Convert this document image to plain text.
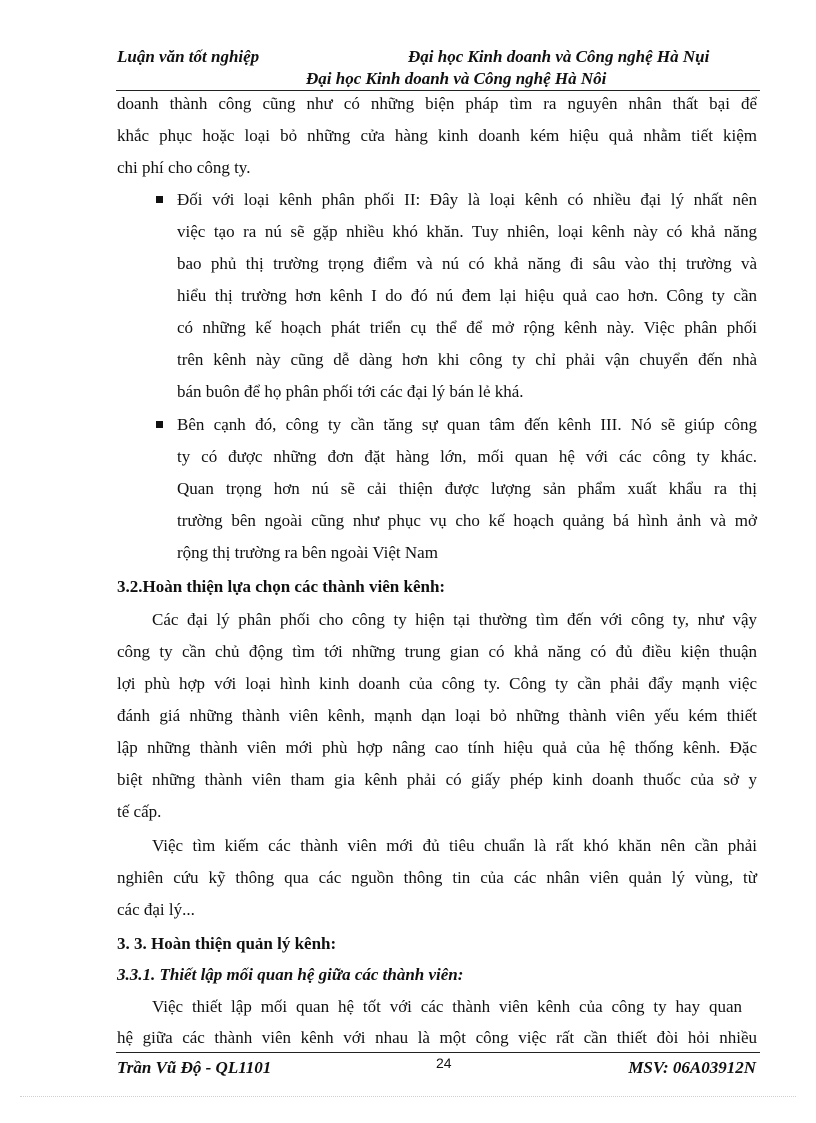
Luận văn tốt nghiệp	Đại học Kinh doanh và Công nghệ Hà Nụi
Đại học Kinh doanh và Công nghệ Hà Nôi
doanh thành công cũng như có những biện pháp tìm ra nguyên nhân thất bại để
khắc phục hoặc loại bỏ những cửa hàng kinh doanh kém hiệu quả nhằm tiết kiệm
chi phí cho công ty.
Đối với loại kênh phân phối II: Đây là loại kênh có nhiều đại lý nhất nên
việc tạo ra nú sẽ gặp nhiều khó khăn. Tuy nhiên, loại kênh này có khả năng
bao phủ thị trường trọng điểm và nú có khả năng đi sâu vào thị trường và
hiểu thị trường hơn kênh I do đó nú đem lại hiệu quả cao hơn. Công ty cần
có những kế hoạch phát triển cụ thể để mở rộng kênh này. Việc phân phối
trên kênh này cũng dễ dàng hơn khi công ty chỉ phải vận chuyển đến nhà
bán buôn để họ phân phối tới các đại lý bán lẻ khá.
Bên cạnh đó, công ty cần tăng sự quan tâm đến kênh III. Nó sẽ giúp công
ty có được những đơn đặt hàng lớn, mối quan hệ với các công ty khác.
Quan trọng hơn nú sẽ cải thiện được lượng sản phẩm xuất khẩu ra thị
trường bên ngoài cũng như phục vụ cho kế hoạch quảng bá hình ảnh và mở
rộng thị trường ra bên ngoài Việt Nam
3.2.Hoàn thiện lựa chọn các thành viên kênh:
Các đại lý phân phối cho công ty hiện tại thường tìm đến với công ty, như vậy
công ty cần chủ động tìm tới những trung gian có khả năng có đủ điều kiện thuận
lợi phù hợp với loại hình kinh doanh của công ty. Công ty cần phải đẩy mạnh việc
đánh giá những thành viên kênh, mạnh dạn loại bỏ những thành viên yếu kém thiết
lập những thành viên mới phù hợp nâng cao tính hiệu quả của hệ thống kênh. Đặc
biệt những thành viên tham gia kênh phải có giấy phép kinh doanh thuốc của sở y
tế cấp.
Việc tìm kiếm các thành viên mới đủ tiêu chuẩn là rất khó khăn nên cần phải
nghiên cứu kỹ thông qua các nguồn thông tin của các nhân viên quản lý vùng, từ
các đại lý...
3. 3. Hoàn thiện quản lý kênh:
3.3.1. Thiết lập mối quan hệ giữa các thành viên:
Việc thiết lập mối quan hệ tốt với các thành viên kênh của công ty hay quan
hệ giữa các thành viên kênh với nhau là một công việc rất cần thiết đòi hỏi nhiều
Trần Vũ Độ - QL1101	24	MSV: 06A03912N
